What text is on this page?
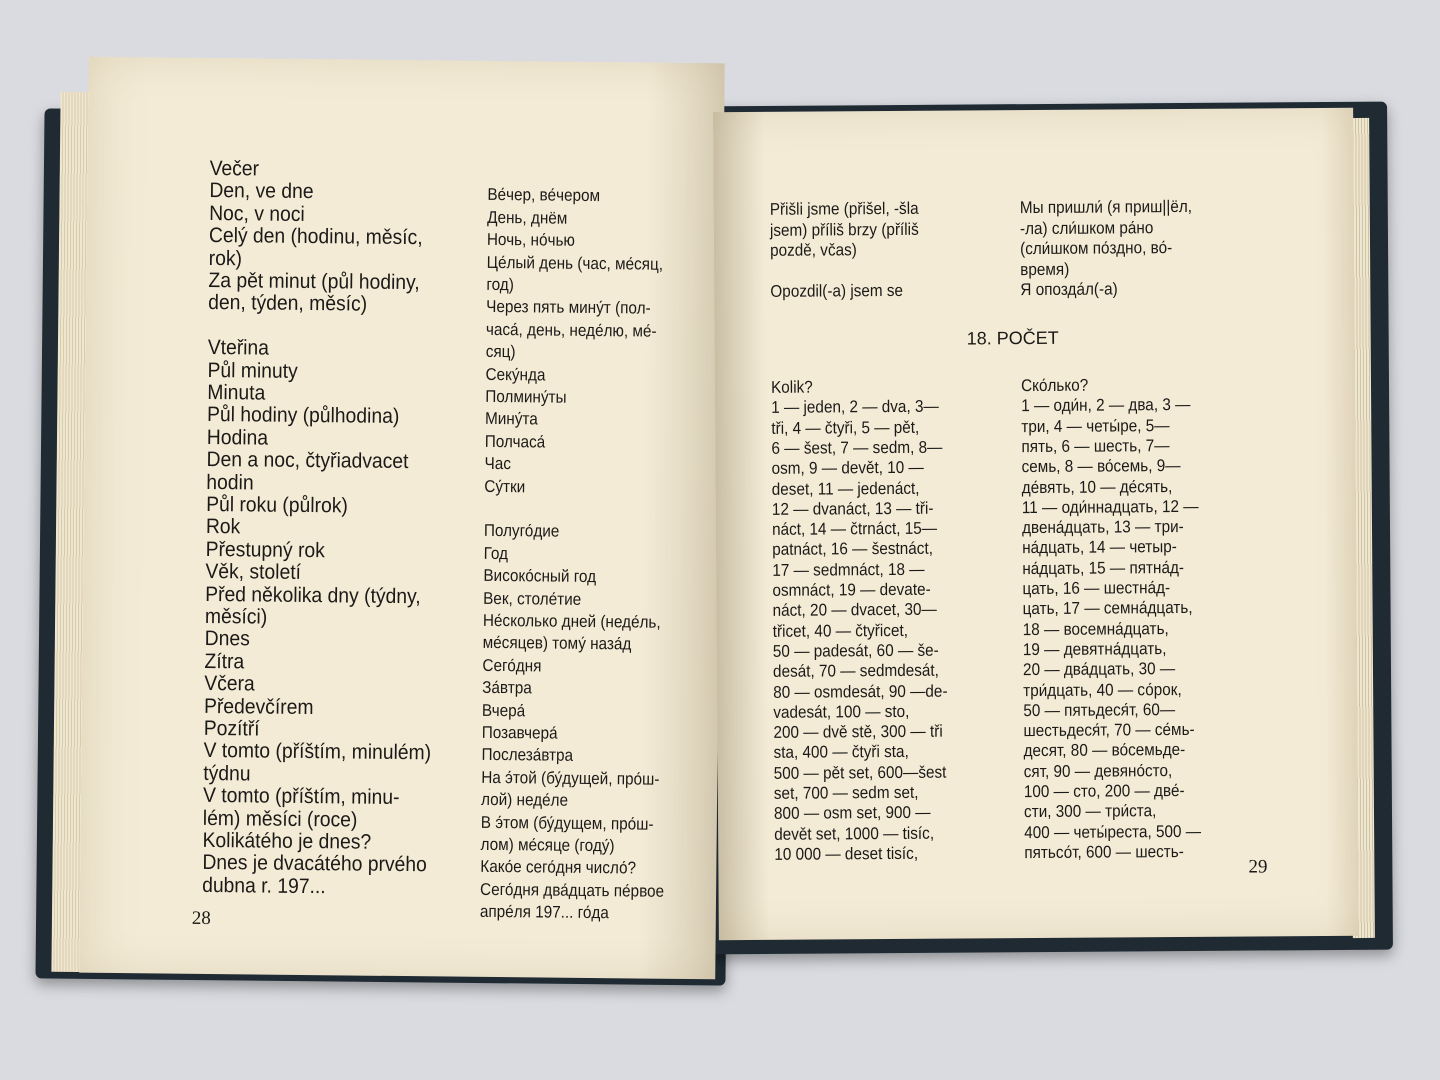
Večer
Den, ve dne
Noc, v noci
Celý den (hodinu, měsíc,
rok)
Za pět minut (půl hodiny,
den, týden, měsíc)
Vteřina
Půl minuty
Minuta
Půl hodiny (půlhodina)
Hodina
Den a noc, čtyřiadvacet
hodin
Půl roku (půlrok)
Rok
Přestupný rok
Věk, století
Před několika dny (týdny,
měsíci)
Dnes
Zítra
Včera
Předevčírem
Pozítří
V tomto (příštím, minulém)
týdnu
V tomto (příštím, minu-
lém) měsíci (roce)
Kolikátého je dnes?
Dnes je dvacátého prvého
dubna r. 197...
Ве́чер, ве́чером
День, днём
Ночь, но́чью
Це́лый день (час, ме́сяц,
год)
Через пять мину́т (пол-
часа́, день, неде́лю, ме́-
сяц)
Секу́нда
Полмину́ты
Мину́та
Полчаса́
Час
Су́тки
Полуго́дие
Год
Високо́сный год
Век, столе́тие
Не́сколько дней (неде́ль,
ме́сяцев) тому́ наза́д
Сего́дня
За́втра
Вчера́
Позавчера́
Послеза́втра
На э́той (бу́дущей, про́ш-
лой) неде́ле
В э́том (бу́дущем, про́ш-
лом) ме́сяце (году́)
Како́е сего́дня число́?
Сего́дня два́дцать пе́рвое
апре́ля 197... го́да
28
Přišli jsme (přišel, -šla
jsem) příliš brzy (příliš
pozdě, včas)
Opozdil(-a) jsem se
Мы пришли́ (я приш||ёл,
-ла) сли́шком ра́но
(сли́шком по́здно, во́-
время)
Я опозда́л(-а)
18. POČET
Kolik?
1 — jeden, 2 — dva, 3—
tři, 4 — čtyři, 5 — pět,
6 — šest, 7 — sedm, 8—
osm, 9 — devět, 10 —
deset, 11 — jedenáct,
12 — dvanáct, 13 — tři-
náct, 14 — čtrnáct, 15—
patnáct, 16 — šestnáct,
17 — sedmnáct, 18 —
osmnáct, 19 — devate-
náct, 20 — dvacet, 30—
třicet, 40 — čtyřicet,
50 — padesát, 60 — še-
desát, 70 — sedmdesát,
80 — osmdesát, 90 —de-
vadesát, 100 — sto,
200 — dvě stě, 300 — tři
sta, 400 — čtyři sta,
500 — pět set, 600—šest
set, 700 — sedm set,
800 — osm set, 900 —
devět set, 1000 — tisíc,
10 000 — deset tisíc,
Ско́лько?
1 — оди́н, 2 — два, 3 —
три, 4 — четы́ре, 5—
пять, 6 — шесть, 7—
семь, 8 — во́семь, 9—
де́вять, 10 — де́сять,
11 — оди́ннадцать, 12 —
двена́дцать, 13 — три-
на́дцать, 14 — четыр-
на́дцать, 15 — пятна́д-
цать, 16 — шестна́д-
цать, 17 — семна́дцать,
18 — восемна́дцать,
19 — девятна́дцать,
20 — два́дцать, 30 —
три́дцать, 40 — со́рок,
50 — пятьдеся́т, 60—
шестьдеся́т, 70 — се́мь-
десят, 80 — во́семьде-
сят, 90 — девяно́сто,
100 — сто, 200 — две́-
сти, 300 — три́ста,
400 — четы́реста, 500 —
пятьсо́т, 600 — шесть-
29
